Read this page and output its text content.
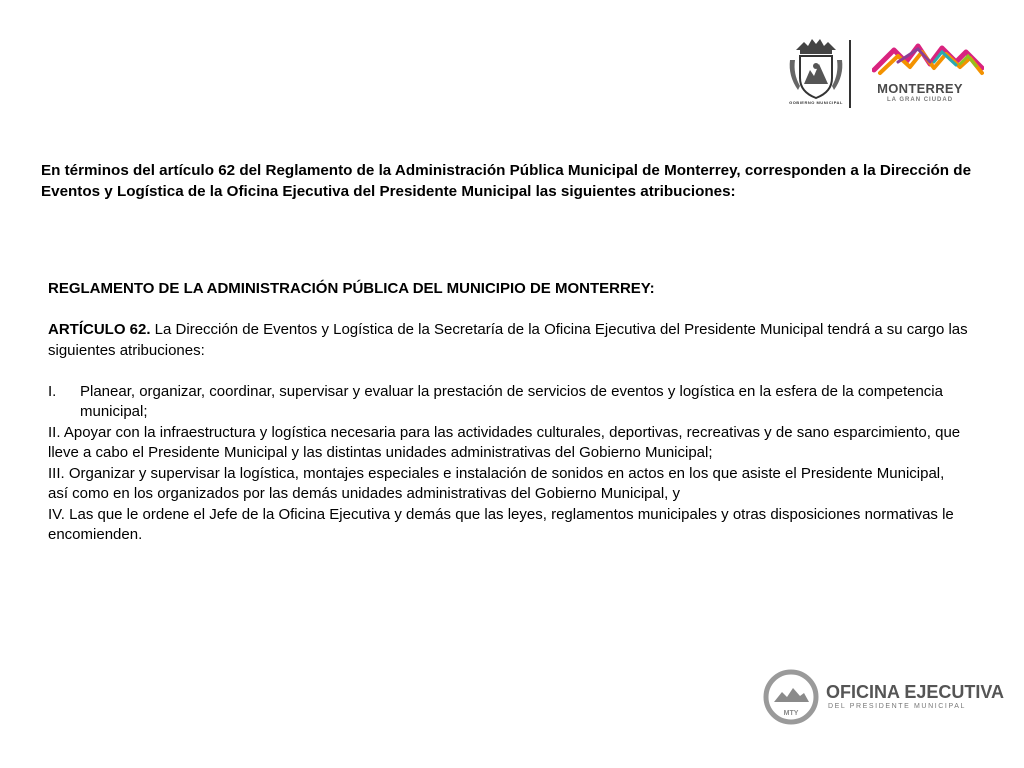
GOBIERNO MUNICIPAL
MONTERREY
LA GRAN CIUDAD

En términos del artículo 62 del Reglamento de la Administración Pública Municipal de Monterrey, corresponden a la Dirección de Eventos y Logística de la Oficina Ejecutiva del Presidente Municipal las siguientes atribuciones:

REGLAMENTO DE LA ADMINISTRACIÓN PÚBLICA DEL MUNICIPIO DE MONTERREY:

ARTÍCULO 62. La Dirección de Eventos y Logística de la Secretaría de la Oficina Ejecutiva del Presidente Municipal tendrá a su cargo las siguientes atribuciones:

I.	Planear, organizar, coordinar, supervisar y evaluar la prestación de servicios de eventos y logística en la esfera de la competencia municipal;

II. Apoyar con la infraestructura y logística necesaria para las actividades culturales, deportivas, recreativas y de sano esparcimiento, que lleve a cabo el Presidente Municipal y las distintas unidades administrativas del Gobierno Municipal;

III. Organizar y supervisar la logística, montajes especiales e instalación de sonidos en actos en los que asiste el Presidente Municipal, así como en los organizados por las demás unidades administrativas del Gobierno Municipal, y

IV. Las que le ordene el Jefe de la Oficina Ejecutiva y demás que las leyes, reglamentos municipales y otras disposiciones normativas le encomienden.

MTY
OFICINA EJECUTIVA
DEL PRESIDENTE MUNICIPAL
